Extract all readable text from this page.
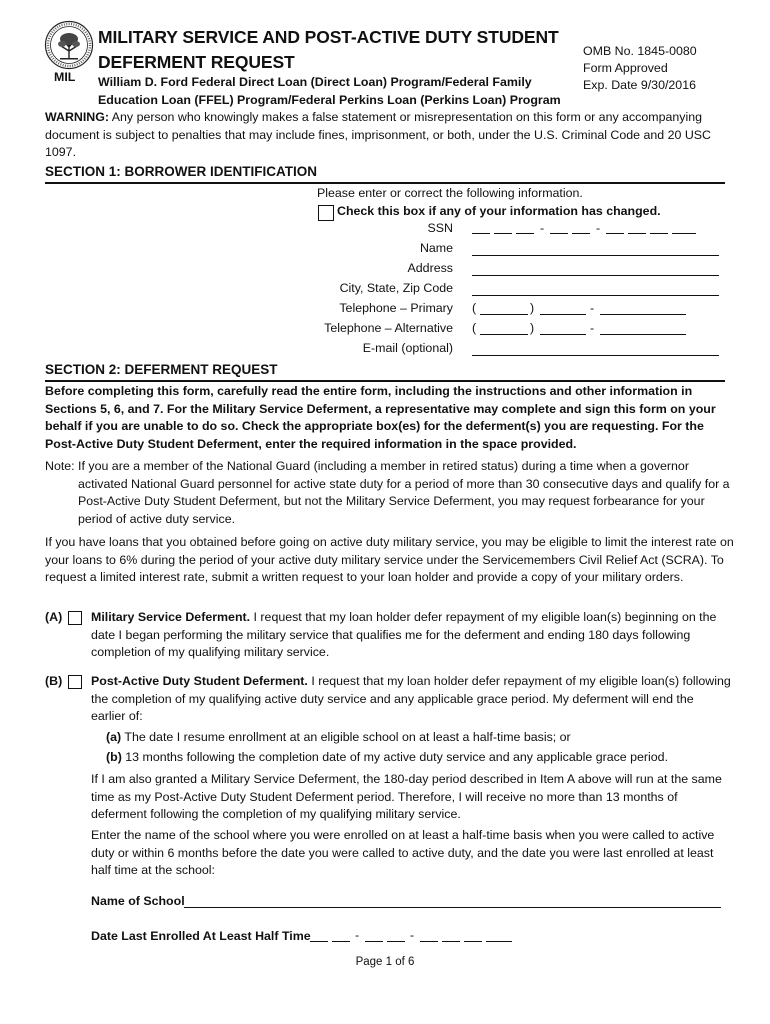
MIL
MILITARY SERVICE AND POST-ACTIVE DUTY STUDENT
DEFERMENT REQUEST
William D. Ford Federal Direct Loan (Direct Loan) Program/Federal Family
Education Loan (FFEL) Program/Federal Perkins Loan (Perkins Loan) Program
OMB No. 1845-0080
Form Approved
Exp. Date 9/30/2016
WARNING: Any person who knowingly makes a false statement or misrepresentation on this form or any accompanying document is subject to penalties that may include fines, imprisonment, or both, under the U.S. Criminal Code and 20 USC 1097.
SECTION 1: BORROWER IDENTIFICATION
Please enter or correct the following information.
Check this box if any of your information has changed.
SSN	-	-
Name
Address
City, State, Zip Code
Telephone – Primary (	)	-
Telephone – Alternative (	)	-
E-mail (optional)
SECTION 2: DEFERMENT REQUEST
Before completing this form, carefully read the entire form, including the instructions and other information in Sections 5, 6, and 7. For the Military Service Deferment, a representative may complete and sign this form on your behalf if you are unable to do so. Check the appropriate box(es) for the deferment(s) you are requesting. For the Post-Active Duty Student Deferment, enter the required information in the space provided.
Note: If you are a member of the National Guard (including a member in retired status) during a time when a governor activated National Guard personnel for active state duty for a period of more than 30 consecutive days and qualify for a Post-Active Duty Student Deferment, but not the Military Service Deferment, you may request forbearance for your period of active duty service.
If you have loans that you obtained before going on active duty military service, you may be eligible to limit the interest rate on your loans to 6% during the period of your active duty military service under the Servicemembers Civil Relief Act (SCRA). To request a limited interest rate, submit a written request to your loan holder and provide a copy of your military orders.
(A) Military Service Deferment. I request that my loan holder defer repayment of my eligible loan(s) beginning on the date I began performing the military service that qualifies me for the deferment and ending 180 days following completion of my qualifying military service.
(B) Post-Active Duty Student Deferment. I request that my loan holder defer repayment of my eligible loan(s) following the completion of my qualifying active duty service and any applicable grace period. My deferment will end the earlier of:
(a) The date I resume enrollment at an eligible school on at least a half-time basis; or
(b) 13 months following the completion date of my active duty service and any applicable grace period.
If I am also granted a Military Service Deferment, the 180-day period described in Item A above will run at the same time as my Post-Active Duty Student Deferment period. Therefore, I will receive no more than 13 months of deferment following the completion of my qualifying military service.
Enter the name of the school where you were enrolled on at least a half-time basis when you were called to active duty or within 6 months before the date you were called to active duty, and the date you were last enrolled at least half time at the school:
Name of School
Date Last Enrolled At Least Half Time	-	-
Page 1 of 6
